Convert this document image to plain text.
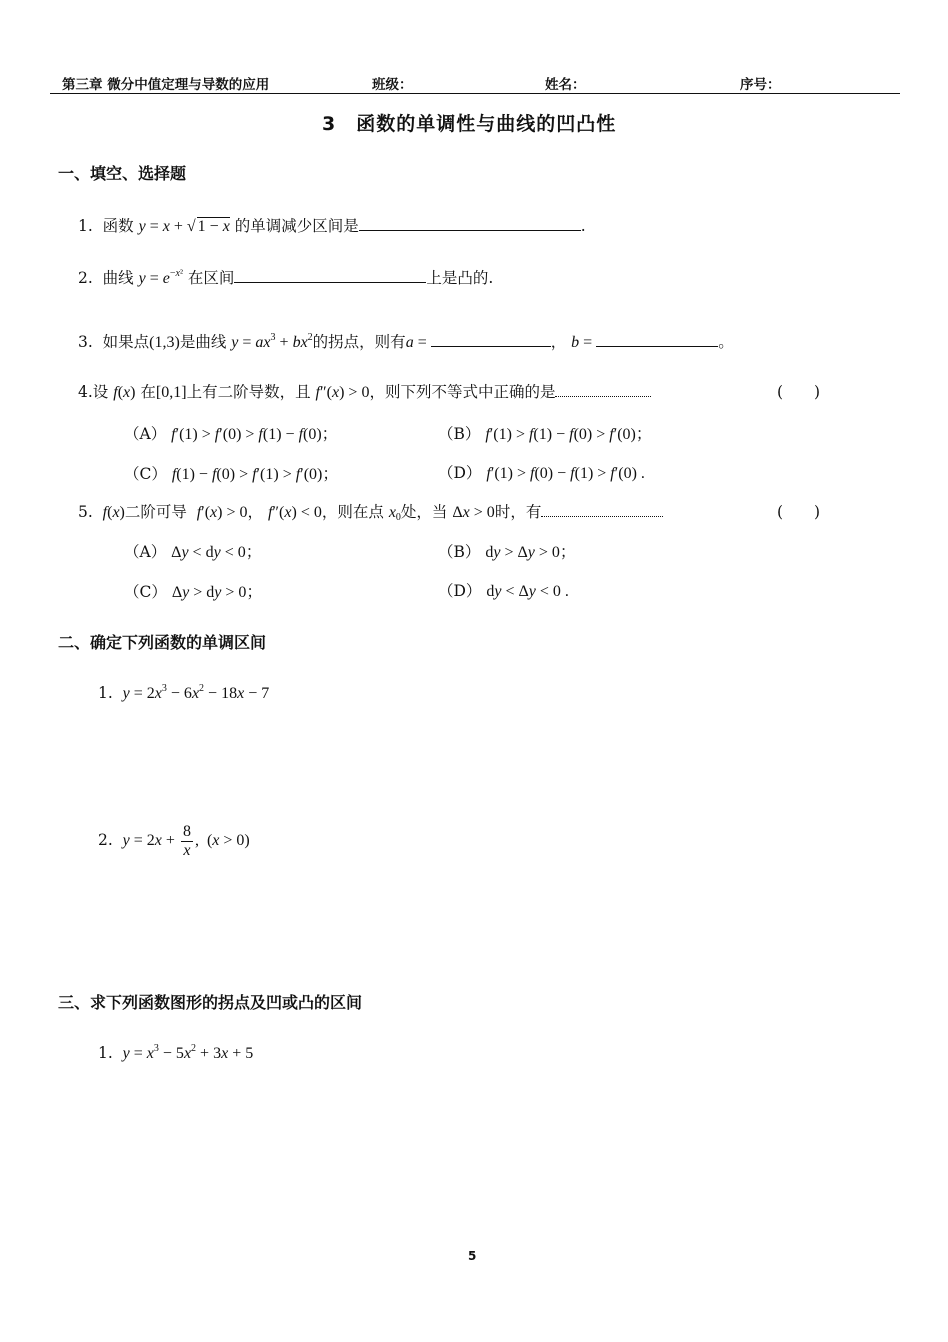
第三章 微分中值定理与导数的应用	班级：	姓名：	序号：
3　函数的单调性与曲线的凹凸性
一、填空、选择题
1. 函数 y = x + √ 1 − x 的单调减少区间是	.
2. 曲线 $y = e^{-x^2}$ 在区间	上是凸的.
3. 如果点(1,3)是曲线 $y = ax^3 + bx^2$的拐点，则有a =	， b =	。
4.设 f(x) 在[0,1]上有二阶导数，且 f″(x) > 0，则下列不等式中正确的是	(　　)
（A） f′(1) > f′(0) > f(1) − f(0)；	（B） f′(1) > f(1) − f(0) > f′(0)；
（C） f(1) − f(0) > f′(1) > f′(0)；	（D） f′(1) > f(0) − f(1) > f′(0) .
5. f(x)二阶可导 f′(x) > 0， f″(x) < 0，则在点 $x_0$处，当 Δx > 0时，有	(　　)
（A） Δy < dy < 0；	（B） dy > Δy > 0；
（C） Δy > dy > 0；	（D） dy < Δy < 0 .
二、确定下列函数的单调区间
1. $y = 2x^3 - 6x^2 - 18x - 7$
2. $y = 2x + \frac{8}{x}$ ,  (x > 0)
三、求下列函数图形的拐点及凹或凸的区间
1. $y = x^3 - 5x^2 + 3x + 5$
5
